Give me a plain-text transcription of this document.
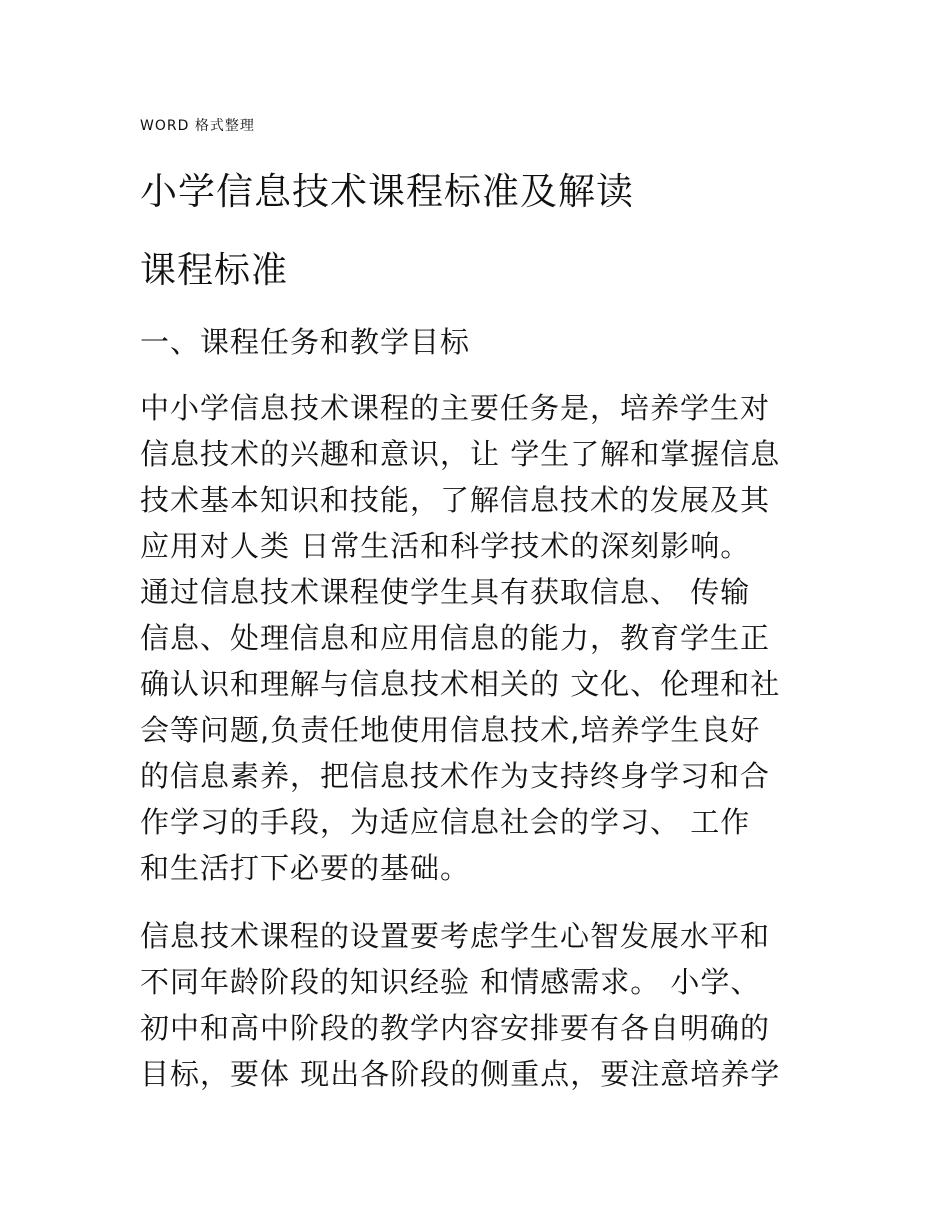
WORD 格式整理
小学信息技术课程标准及解读
课程标准
一、课程任务和教学目标

中小学信息技术课程的主要任务是，培养学生对
信息技术的兴趣和意识，让 学生了解和掌握信息
技术基本知识和技能，了解信息技术的发展及其
应用对人类 日常生活和科学技术的深刻影响。
通过信息技术课程使学生具有获取信息、 传输
信息、处理信息和应用信息的能力，教育学生正
确认识和理解与信息技术相关的 文化、伦理和社
会等问题,负责任地使用信息技术,培养学生良好
的信息素养，把信息技术作为支持终身学习和合
作学习的手段，为适应信息社会的学习、 工作
和生活打下必要的基础。

信息技术课程的设置要考虑学生心智发展水平和
不同年龄阶段的知识经验 和情感需求。 小学、
初中和高中阶段的教学内容安排要有各自明确的
目标，要体 现出各阶段的侧重点，要注意培养学
